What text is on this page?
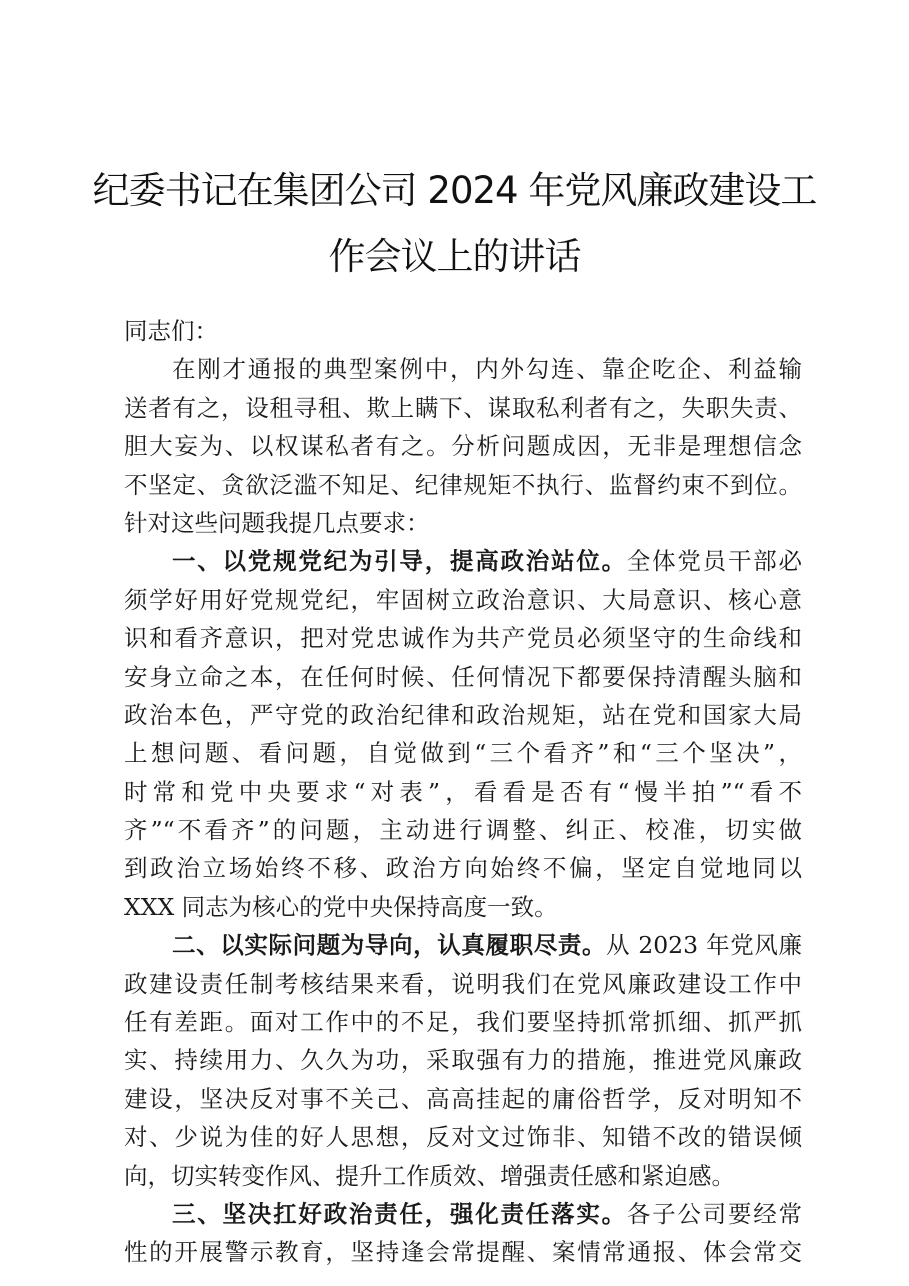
纪委书记在集团公司 2024 年党风廉政建设工
作会议上的讲话
同志们：
在刚才通报的典型案例中，内外勾连、靠企吃企、利益输
送者有之，设租寻租、欺上瞒下、谋取私利者有之，失职失责、
胆大妄为、以权谋私者有之。分析问题成因，无非是理想信念
不坚定、贪欲泛滥不知足、纪律规矩不执行、监督约束不到位。
针对这些问题我提几点要求：
一、以党规党纪为引导，提高政治站位。全体党员干部必
须学好用好党规党纪，牢固树立政治意识、大局意识、核心意
识和看齐意识，把对党忠诚作为共产党员必须坚守的生命线和
安身立命之本，在任何时候、任何情况下都要保持清醒头脑和
政治本色，严守党的政治纪律和政治规矩，站在党和国家大局
上想问题、看问题，自觉做到“三个看齐”和“三个坚决”，
时常和党中央要求“对表”，看看是否有“慢半拍”“看不
齐”“不看齐”的问题，主动进行调整、纠正、校准，切实做
到政治立场始终不移、政治方向始终不偏，坚定自觉地同以
XXX 同志为核心的党中央保持高度一致。
二、以实际问题为导向，认真履职尽责。从 2023 年党风廉
政建设责任制考核结果来看，说明我们在党风廉政建设工作中
任有差距。面对工作中的不足，我们要坚持抓常抓细、抓严抓
实、持续用力、久久为功，采取强有力的措施，推进党风廉政
建设，坚决反对事不关己、高高挂起的庸俗哲学，反对明知不
对、少说为佳的好人思想，反对文过饰非、知错不改的错误倾
向，切实转变作风、提升工作质效、增强责任感和紧迫感。
三、坚决扛好政治责任，强化责任落实。各子公司要经常
性的开展警示教育，坚持逢会常提醒、案情常通报、体会常交
